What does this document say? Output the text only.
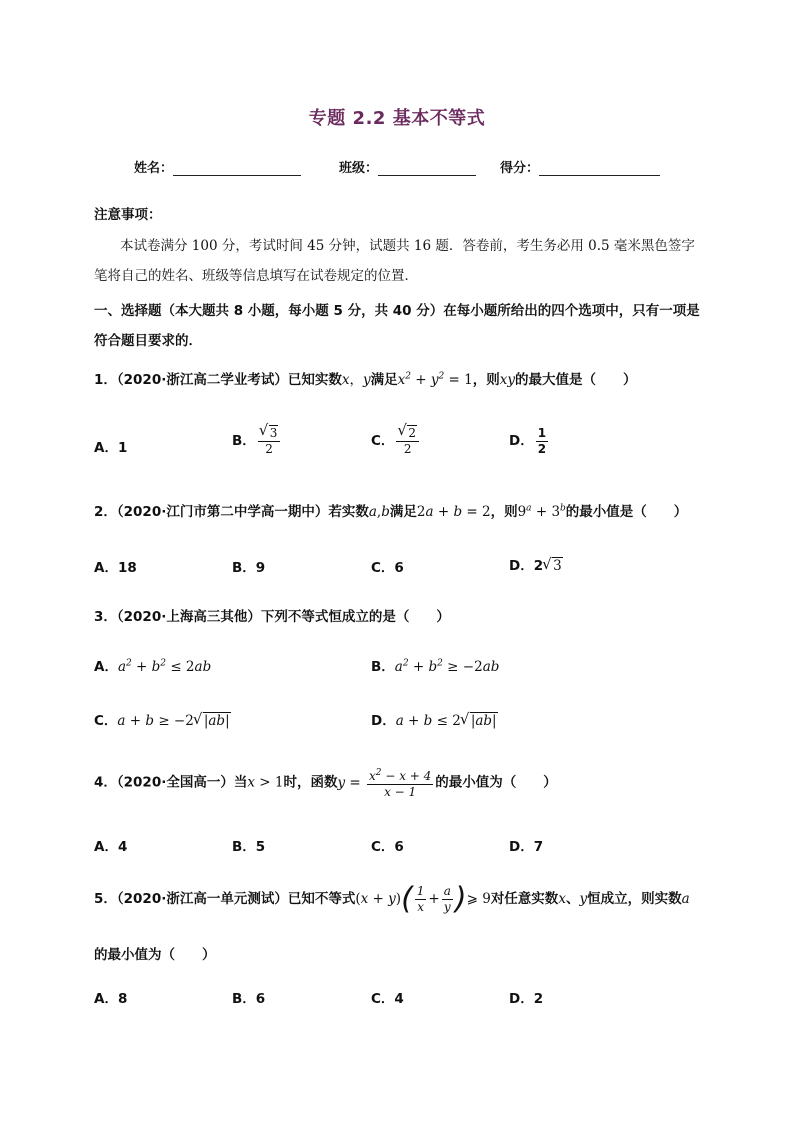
专题 2.2 基本不等式
姓名：	班级：	得分：
注意事项：
本试卷满分 100 分，考试时间 45 分钟，试题共 16 题．答卷前，考生务必用 0.5 毫米黑色签字笔将自己的姓名、班级等信息填写在试卷规定的位置．
一、选择题（本大题共 8 小题，每小题 5 分，共 40 分）在每小题所给出的四个选项中，只有一项是符合题目要求的．
1．（2020·浙江高二学业考试）已知实数x，y满足$x^2 + y^2 = 1$，则xy的最大值是（　　）
A．1	B． √ $\frac{3}{2}$	C． √ $\frac{2}{2}$	D． $\frac{1}{2}$
2．（2020·江门市第二中学高一期中）若实数a,b满足2a + b = 2，则$9^a + 3^b$的最小值是（　　）
A．18	B．9	C．6	D．2 √ 3
3．（2020·上海高三其他）下列不等式恒成立的是（　　）
A．$a^2 + b^2 \le 2ab$	B．$a^2 + b^2 \ge -2ab$
C．a + b ≥ −2 √ |ab|	D．a + b ≤ 2 √ |ab|
4．（2020·全国高一）当x > 1时，函数$y = \frac{x^2 - x + 4}{x - 1}$ 的最小值为（　　）
A．4	B．5	C．6	D．7
5．（2020·浙江高一单元测试）已知不等式$(x + y)( \frac{1}{x} + \frac{a}{y}$ )⩾ 9对任意实数x、y恒成立，则实数a
的最小值为（　　）
A．8	B．6	C．4	D．2
